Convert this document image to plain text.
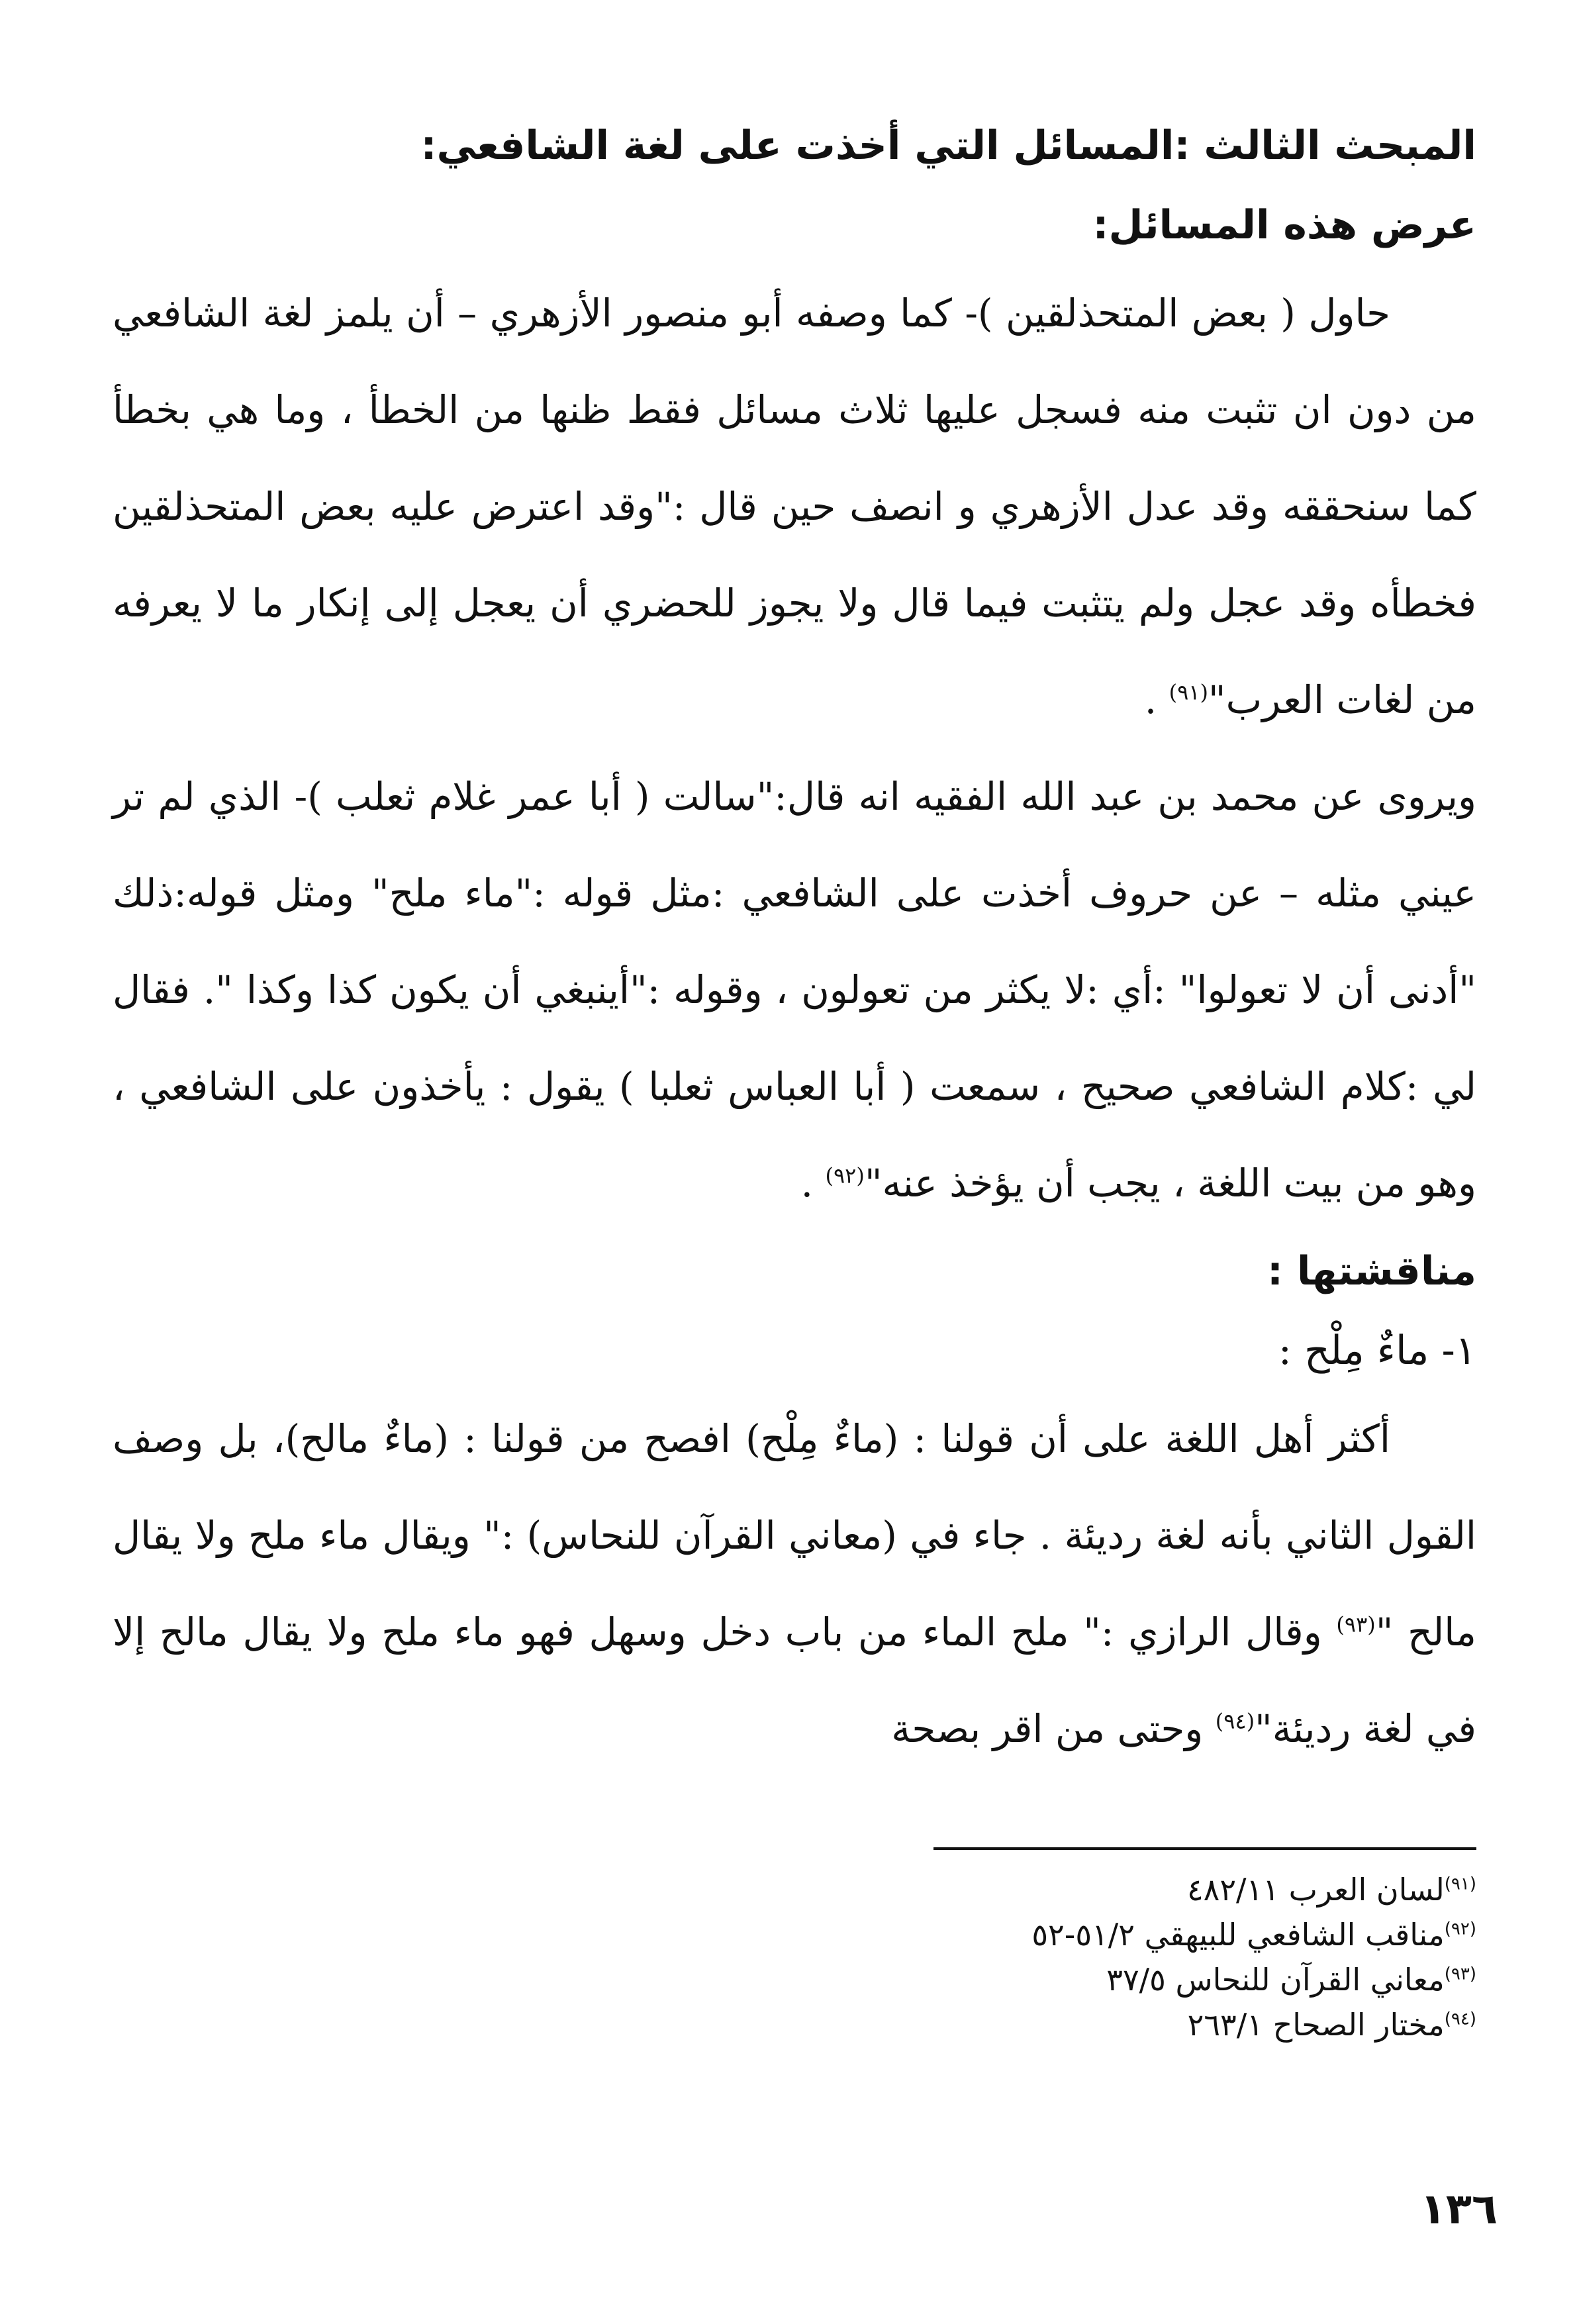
المبحث الثالث :المسائل التي أخذت على لغة الشافعي:
عرض هذه المسائل:

حاول ( بعض المتحذلقين )- كما وصفه أبو منصور الأزهري – أن يلمز لغة الشافعي من دون ان تثبت منه فسجل عليها ثلاث مسائل فقط ظنها من الخطأ ، وما هي بخطأ كما سنحققه وقد عدل الأزهري و انصف حين قال :"وقد اعترض عليه بعض المتحذلقين فخطأه وقد عجل ولم يتثبت فيما قال ولا يجوز للحضري أن يعجل إلى إنكار ما لا يعرفه من لغات العرب"$^{(٩١)}$ .

ويروى عن محمد بن عبد الله الفقيه انه قال:"سالت ( أبا عمر غلام ثعلب )- الذي لم تر عيني مثله – عن حروف أخذت على الشافعي :مثل قوله :"ماء ملح" ومثل قوله:ذلك "أدنى أن لا تعولوا" :أي :لا يكثر من تعولون ، وقوله :"أينبغي أن يكون كذا وكذا ". فقال لي :كلام الشافعي صحيح ، سمعت ( أبا العباس ثعلبا ) يقول : يأخذون على الشافعي ، وهو من بيت اللغة ، يجب أن يؤخذ عنه"$^{(٩٢)}$ .

مناقشتها :
١- ماءٌ مِلْح :

أكثر أهل اللغة على أن قولنا : (ماءٌ مِلْح) افصح من قولنا : (ماءٌ مالح)، بل وصف القول الثاني بأنه لغة رديئة . جاء في (معاني القرآن للنحاس) :" ويقال ماء ملح ولا يقال مالح "$^{(٩٣)}$ وقال الرازي :" ملح الماء من باب دخل وسهل فهو ماء ملح ولا يقال مالح إلا في لغة رديئة"$^{(٩٤)}$ وحتى من اقر بصحة

$^{(٩١)}$لسان العرب ٤٨٢/١١
$^{(٩٢)}$مناقب الشافعي للبيهقي ٥١/٢-٥٢
$^{(٩٣)}$معاني القرآن للنحاس ٣٧/٥
$^{(٩٤)}$مختار الصحاح ٢٦٣/١
١٣٦
